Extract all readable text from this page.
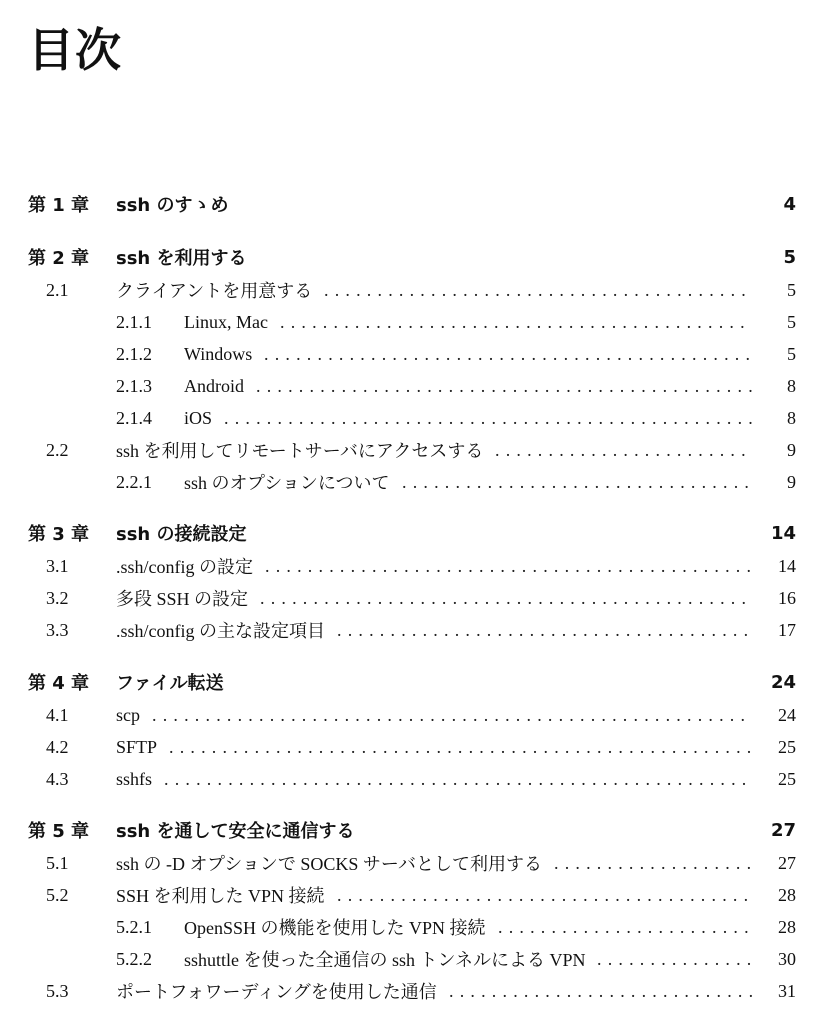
目次
第 1 章 ssh のすゝめ	4
第 2 章 ssh を利用する	5
2.1	クライアントを用意する ........................................	5
2.1.1 Linux, Mac ............................................	5
2.1.2 Windows .............................................. 5
2.1.3 Android ............................................... 8
2.1.4 iOS .................................................. 8
2.2	ssh を利用してリモートサーバにアクセスする ........................	9
2.2.1 ssh のオプションについて ................................. 9
第 3 章 ssh の接続設定	14
3.1	.ssh/config の設定 .............................................. 14
3.2	多段 SSH の設定 ..............................................	16
3.3	.ssh/config の主な設定項目 .......................................	17
第 4 章 ファイル転送	24
4.1	scp ........................................................	24
4.2	SFTP ....................................................... 25
4.3	sshfs .......................................................	25
第 5 章 ssh を通して安全に通信する	27
5.1	ssh の -D オプションで SOCKS サーバとして利用する ................... 27
5.2	SSH を利用した VPN 接続 .......................................	28
5.2.1 OpenSSH の機能を使用した VPN 接続 ........................ 28
5.2.2 sshuttle を使った全通信の ssh トンネルによる VPN ............... 30
5.3	ポートフォワーディングを使用した通信 ............................. 31
